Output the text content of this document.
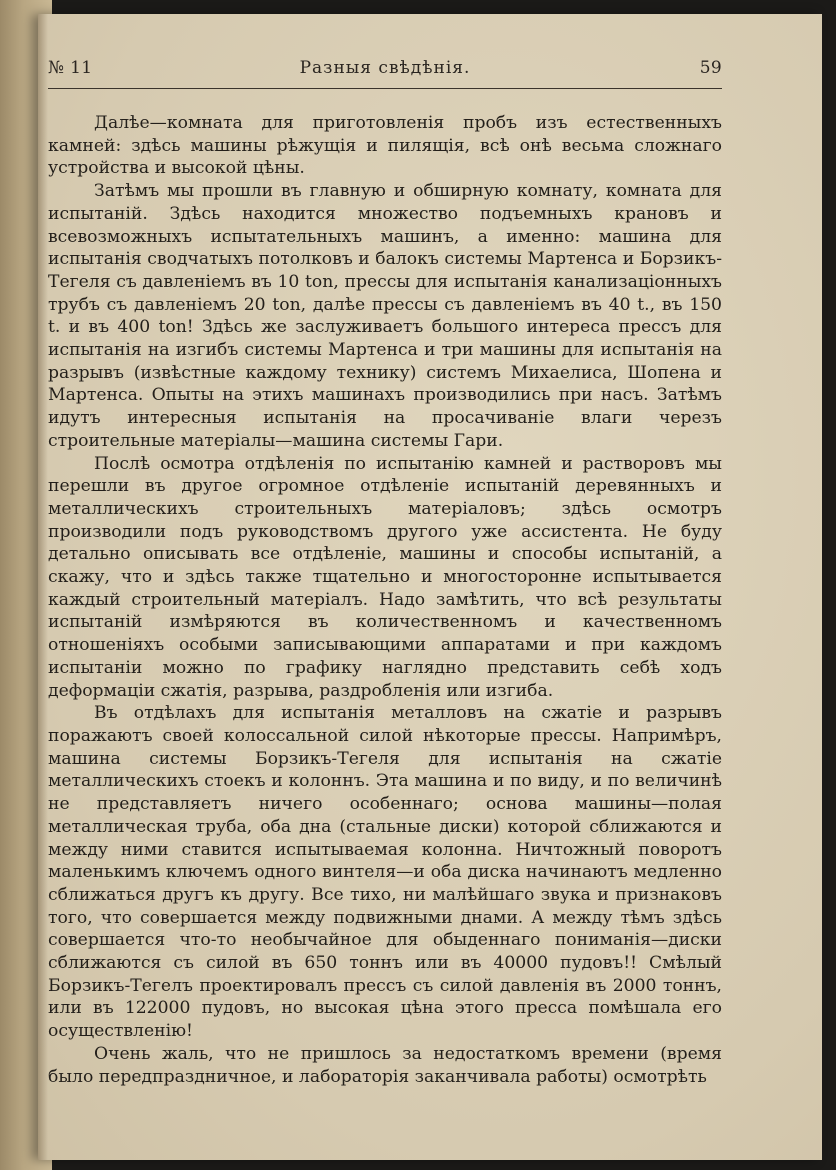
№ 11	Разныя свѣдѣнія.	59

Далѣе—комната для приготовленія пробъ изъ естественныхъ камней: здѣсь машины рѣжущія и пилящія, всѣ онѣ весьма сложнаго устройства и высокой цѣны.

Затѣмъ мы прошли въ главную и обширную комнату, комната для испытаній. Здѣсь находится множество подъемныхъ крановъ и всевозможныхъ испытательныхъ машинъ, а именно: машина для испытанія сводчатыхъ потолковъ и балокъ системы Мартенса и Борзикъ-Тегеля съ давленіемъ въ 10 ton, прессы для испытанія канализаціонныхъ трубъ съ давленіемъ 20 ton, далѣе прессы съ давленіемъ въ 40 t., въ 150 t. и въ 400 ton! Здѣсь же заслуживаетъ большого интереса прессъ для испытанія на изгибъ системы Мартенса и три машины для испытанія на разрывъ (извѣстные каждому технику) системъ Михаелиса, Шопена и Мартенса. Опыты на этихъ машинахъ производились при насъ. Затѣмъ идутъ интересныя испытанія на просачиваніе влаги черезъ строительные матеріалы—машина системы Гари.

Послѣ осмотра отдѣленія по испытанію камней и растворовъ мы перешли въ другое огромное отдѣленіе испытаній деревянныхъ и металлическихъ строительныхъ матеріаловъ; здѣсь осмотръ производили подъ руководствомъ другого уже ассистента. Не буду детально описывать все отдѣленіе, машины и способы испытаній, а скажу, что и здѣсь также тщательно и многосторонне испытывается каждый строительный матеріалъ. Надо замѣтить, что всѣ результаты испытаній измѣряются въ количественномъ и качественномъ отношеніяхъ особыми записывающими аппаратами и при каждомъ испытаніи можно по графику наглядно представить себѣ ходъ деформаціи сжатія, разрыва, раздробленія или изгиба.

Въ отдѣлахъ для испытанія металловъ на сжатіе и разрывъ поражаютъ своей колоссальной силой нѣкоторые прессы. Напримѣръ, машина системы Борзикъ-Тегеля для испытанія на сжатіе металлическихъ стоекъ и колоннъ. Эта машина и по виду, и по величинѣ не представляетъ ничего особеннаго; основа машины—полая металлическая труба, оба дна (стальные диски) которой сближаются и между ними ставится испытываемая колонна. Ничтожный поворотъ маленькимъ ключемъ одного винтеля—и оба диска начинаютъ медленно сближаться другъ къ другу. Все тихо, ни малѣйшаго звука и признаковъ того, что совершается между подвижными днами. А между тѣмъ здѣсь совершается что-то необычайное для обыденнаго пониманія—диски сближаются съ силой въ 650 тоннъ или въ 40000 пудовъ!! Смѣлый Борзикъ-Тегелъ проектировалъ прессъ съ силой давленія въ 2000 тоннъ, или въ 122000 пудовъ, но высокая цѣна этого пресса помѣшала его осуществленію!

Очень жаль, что не пришлось за недостаткомъ времени (время было передпраздничное, и лабораторія заканчивала работы) осмотрѣть
